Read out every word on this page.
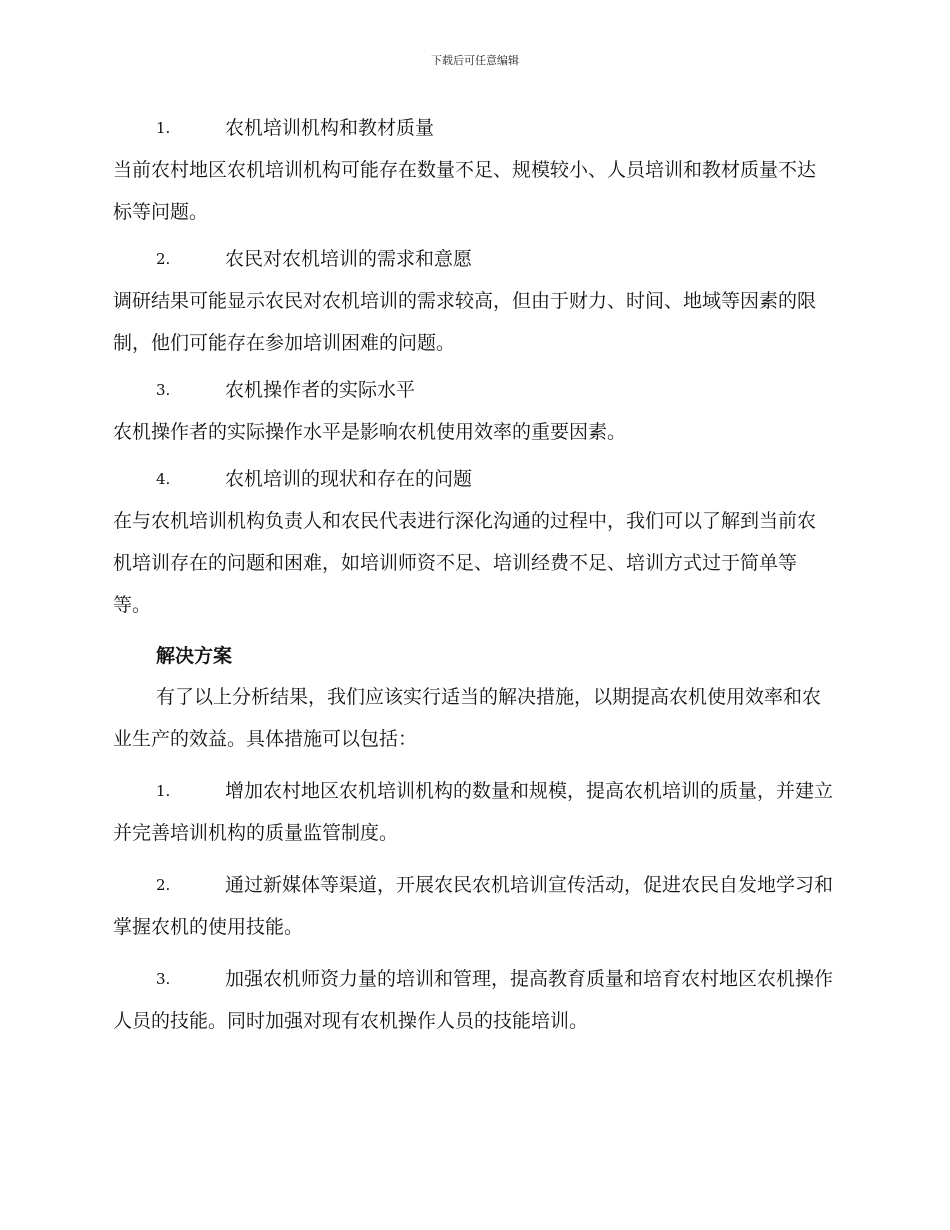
下载后可任意编辑
1.	农机培训机构和教材质量

当前农村地区农机培训机构可能存在数量不足、规模较小、人员培训和教材质量不达标等问题。

2.	农民对农机培训的需求和意愿

调研结果可能显示农民对农机培训的需求较高，但由于财力、时间、地域等因素的限制，他们可能存在参加培训困难的问题。

3.	农机操作者的实际水平

农机操作者的实际操作水平是影响农机使用效率的重要因素。

4.	农机培训的现状和存在的问题

在与农机培训机构负责人和农民代表进行深化沟通的过程中，我们可以了解到当前农机培训存在的问题和困难，如培训师资不足、培训经费不足、培训方式过于简单等等。

解决方案

有了以上分析结果，我们应该实行适当的解决措施，以期提高农机使用效率和农业生产的效益。具体措施可以包括：

1.	增加农村地区农机培训机构的数量和规模，提高农机培训的质量，并建立并完善培训机构的质量监管制度。
2.	通过新媒体等渠道，开展农民农机培训宣传活动，促进农民自发地学习和掌握农机的使用技能。
3.	加强农机师资力量的培训和管理，提高教育质量和培育农村地区农机操作人员的技能。同时加强对现有农机操作人员的技能培训。
